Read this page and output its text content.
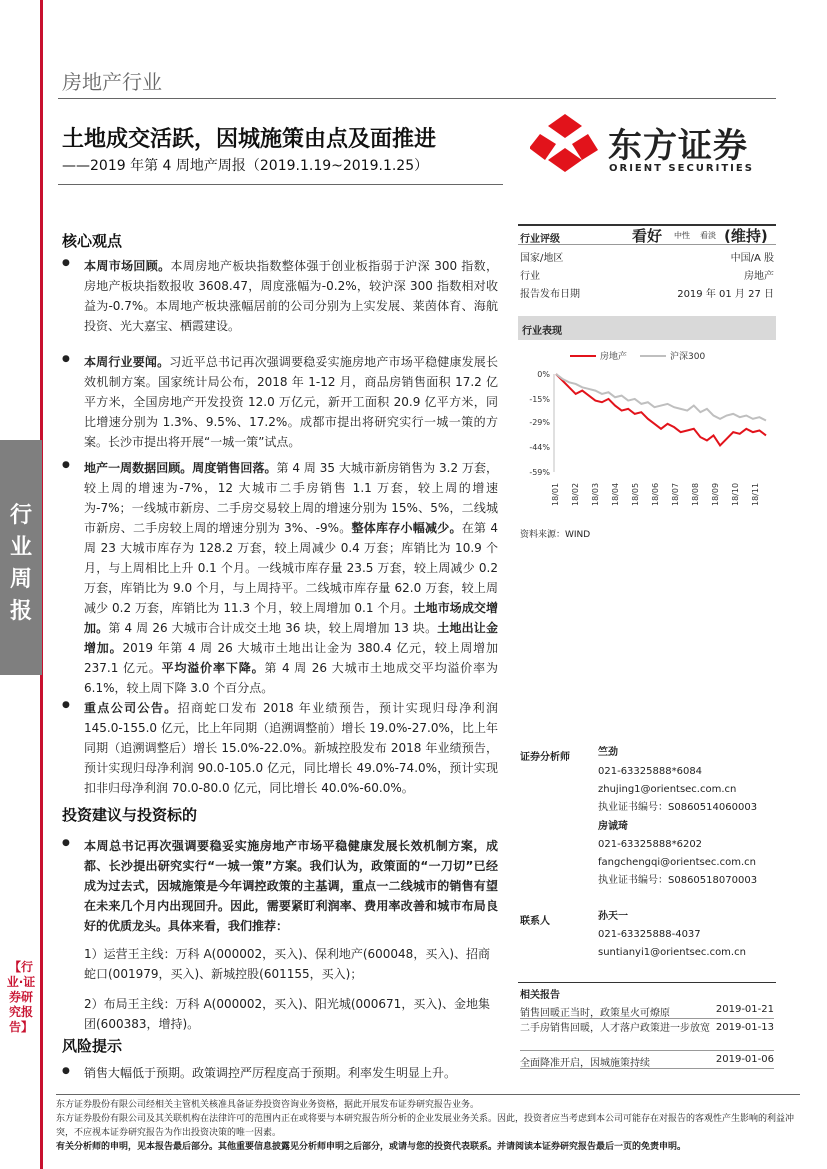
行业周报
【行业·证券研究报告】
房地产行业
土地成交活跃，因城施策由点及面推进
——2019 年第 4 周地产周报（2019.1.19~2019.1.25）	东方证券
ORIENT SECURITIES
核心观点
● 本周市场回顾。本周房地产板块指数整体强于创业板指弱于沪深 300 指数，房地产板块指数报收 3608.47，周度涨幅为-0.2%，较沪深 300 指数相对收益为-0.7%。本周地产板块涨幅居前的公司分别为上实发展、莱茵体育、海航投资、光大嘉宝、栖霞建设。
● 本周行业要闻。习近平总书记再次强调要稳妥实施房地产市场平稳健康发展长效机制方案。国家统计局公布，2018 年 1-12 月，商品房销售面积 17.2 亿平方米，全国房地产开发投资 12.0 万亿元，新开工面积 20.9 亿平方米，同比增速分别为 1.3%、9.5%、17.2%。成都市提出将研究实行一城一策的方案。长沙市提出将开展“一城一策”试点。
● 地产一周数据回顾。周度销售回落。第 4 周 35 大城市新房销售为 3.2 万套，较上周的增速为-7%，12 大城市二手房销售 1.1 万套，较上周的增速为-7%；一线城市新房、二手房交易较上周的增速分别为 15%、5%，二线城市新房、二手房较上周的增速分别为 3%、-9%。整体库存小幅减少。在第 4 周 23 大城市库存为 128.2 万套，较上周减少 0.4 万套；库销比为 10.9 个月，与上周相比上升 0.1 个月。一线城市库存量 23.5 万套，较上周减少 0.2 万套，库销比为 9.0 个月，与上周持平。二线城市库存量 62.0 万套，较上周减少 0.2 万套，库销比为 11.3 个月，较上周增加 0.1 个月。土地市场成交增加。第 4 周 26 大城市合计成交土地 36 块，较上周增加 13 块。土地出让金增加。2019 年第 4 周 26 大城市土地出让金为 380.4 亿元，较上周增加 237.1 亿元。平均溢价率下降。第 4 周 26 大城市土地成交平均溢价率为 6.1%，较上周下降 3.0 个百分点。
● 重点公司公告。招商蛇口发布 2018 年业绩预告，预计实现归母净利润 145.0-155.0 亿元，比上年同期（追溯调整前）增长 19.0%-27.0%，比上年同期（追溯调整后）增长 15.0%-22.0%。新城控股发布 2018 年业绩预告，预计实现归母净利润 90.0-105.0 亿元，同比增长 49.0%-74.0%，预计实现扣非归母净利润 70.0-80.0 亿元，同比增长 40.0%-60.0%。
投资建议与投资标的
● 本周总书记再次强调要稳妥实施房地产市场平稳健康发展长效机制方案，成都、长沙提出研究实行“一城一策”方案。我们认为，政策面的“一刀切”已经成为过去式，因城施策是今年调控政策的主基调，重点一二线城市的销售有望在未来几个月内出现回升。因此，需要紧盯利润率、费用率改善和城市布局良好的优质龙头。具体来看，我们推荐：
1）运营王主线：万科 A(000002，买入)、保利地产(600048，买入)、招商蛇口(001979，买入)、新城控股(601155，买入)；
2）布局王主线：万科 A(000002，买入)、阳光城(000671，买入)、金地集团(600383，增持)。
风险提示
● 销售大幅低于预期。政策调控严厉程度高于预期。利率发生明显上升。
行业评级	看好 中性 看淡 (维持)
国家/地区	中国/A 股
行业	房地产
报告发布日期	2019 年 01 月 27 日
行业表现
0%
-15%
-29%
-44%
-59%
18/01 18/02 18/03 18/04 18/05 18/06 18/07 18/08 18/09 18/10 18/11
房地产	沪深300
资料来源：WIND
证券分析师	竺劲
021-63325888*6084
zhujing1@orientsec.com.cn
执业证书编号：S0860514060003
房诚琦
021-63325888*6202
fangchengqi@orientsec.com.cn
执业证书编号：S0860518070003
联系人	孙天一
021-63325888-4037
suntianyi1@orientsec.com.cn
相关报告
销售回暖正当时，政策星火可燎原	2019-01-21
二手房销售回暖，人才落户政策进一步放宽 2019-01-13
全面降准开启，因城施策持续	2019-01-06
东方证券股份有限公司经相关主管机关核准具备证券投资咨询业务资格，据此开展发布证券研究报告业务。
东方证券股份有限公司及其关联机构在法律许可的范围内正在或将要与本研究报告所分析的企业发展业务关系。因此，投资者应当考虑到本公司可能存在对报告的客观性产生影响的利益冲突，不应视本证券研究报告为作出投资决策的唯一因素。
有关分析师的申明，见本报告最后部分。其他重要信息披露见分析师申明之后部分，或请与您的投资代表联系。并请阅读本证券研究报告最后一页的免责申明。
